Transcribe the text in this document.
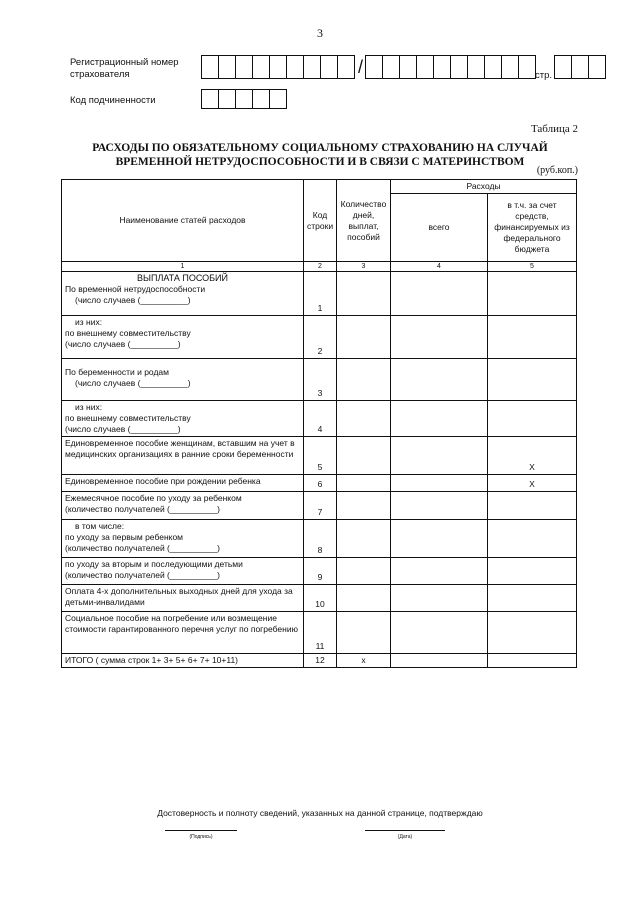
3
Регистрационный номер страхователя	/	стр.
Код подчиненности
Таблица 2
РАСХОДЫ ПО ОБЯЗАТЕЛЬНОМУ СОЦИАЛЬНОМУ СТРАХОВАНИЮ НА СЛУЧАЙ ВРЕМЕННОЙ НЕТРУДОСПОСОБНОСТИ И В СВЯЗИ С МАТЕРИНСТВОМ
(руб.коп.)
Наименование статей расходов	Код строки	Количество дней, выплат, пособий	Расходы	
			всего	в т.ч. за счет средств, финансируемых из федерального бюджета
1	2	3	4	5

ВЫПЛАТА ПОСОБИЙ
По временной нетрудоспособности
(число случаев (__________)	1			

из них:
по внешнему совместительству
(число случаев (__________)	2			

По беременности и родам
(число случаев (__________)	3			

из них:
по внешнему совместительству
(число случаев (__________)	4			
Единовременное пособие женщинам, вставшим на учет в медицинских организациях в ранние сроки беременности	5			X
Единовременное пособие при рождении ребенка	6			X

Ежемесячное пособие по уходу за ребенком
(количество получателей (__________)	7			

в том числе:
по уходу за первым ребенком
(количество получателей (__________)	8			

по уходу за вторым и последующими детьми
(количество получателей (__________)	9			
Оплата 4-х дополнительных выходных дней для ухода за детьми-инвалидами	10			
Социальное пособие на погребение или возмещение стоимости гарантированного перечня услуг по погребению	11			
ИТОГО ( сумма строк 1+ 3+ 5+ 6+ 7+ 10+11)	12	x		
Достоверность и полноту сведений, указанных на данной странице, подтверждаю
(Подпись)	(Дата)
